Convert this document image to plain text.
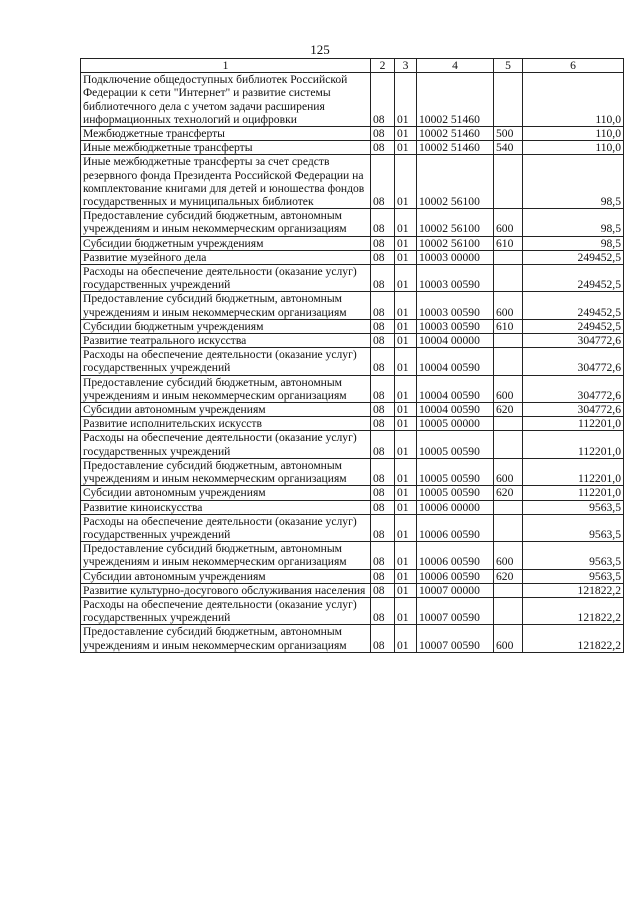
125
1	2	3	4	5	6
Подключение общедоступных библиотек Российской Федерации к сети "Интернет" и развитие системы библиотечного дела с учетом задачи расширения информационных технологий и оцифровки	08	01	10002 51460		110,0
Межбюджетные трансферты	08	01	10002 51460	500	110,0
Иные межбюджетные трансферты	08	01	10002 51460	540	110,0
Иные межбюджетные трансферты за счет средств резервного фонда Президента Российской Федерации на комплектование книгами для детей и юношества фондов государственных и муниципальных библиотек	08	01	10002 56100		98,5
Предоставление субсидий бюджетным, автономным учреждениям и иным некоммерческим организациям	08	01	10002 56100	600	98,5
Субсидии бюджетным учреждениям	08	01	10002 56100	610	98,5
Развитие музейного дела	08	01	10003 00000		249452,5
Расходы на обеспечение деятельности (оказание услуг) государственных учреждений	08	01	10003 00590		249452,5
Предоставление субсидий бюджетным, автономным учреждениям и иным некоммерческим организациям	08	01	10003 00590	600	249452,5
Субсидии бюджетным учреждениям	08	01	10003 00590	610	249452,5
Развитие театрального искусства	08	01	10004 00000		304772,6
Расходы на обеспечение деятельности (оказание услуг) государственных учреждений	08	01	10004 00590		304772,6
Предоставление субсидий бюджетным, автономным учреждениям и иным некоммерческим организациям	08	01	10004 00590	600	304772,6
Субсидии автономным учреждениям	08	01	10004 00590	620	304772,6
Развитие исполнительских искусств	08	01	10005 00000		112201,0
Расходы на обеспечение деятельности (оказание услуг) государственных учреждений	08	01	10005 00590		112201,0
Предоставление субсидий бюджетным, автономным учреждениям и иным некоммерческим организациям	08	01	10005 00590	600	112201,0
Субсидии автономным учреждениям	08	01	10005 00590	620	112201,0
Развитие киноискусства	08	01	10006 00000		9563,5
Расходы на обеспечение деятельности (оказание услуг) государственных учреждений	08	01	10006 00590		9563,5
Предоставление субсидий бюджетным, автономным учреждениям и иным некоммерческим организациям	08	01	10006 00590	600	9563,5
Субсидии автономным учреждениям	08	01	10006 00590	620	9563,5
Развитие культурно-досугового обслуживания населения	08	01	10007 00000		121822,2
Расходы на обеспечение деятельности (оказание услуг) государственных учреждений	08	01	10007 00590		121822,2
Предоставление субсидий бюджетным, автономным учреждениям и иным некоммерческим организациям	08	01	10007 00590	600	121822,2
